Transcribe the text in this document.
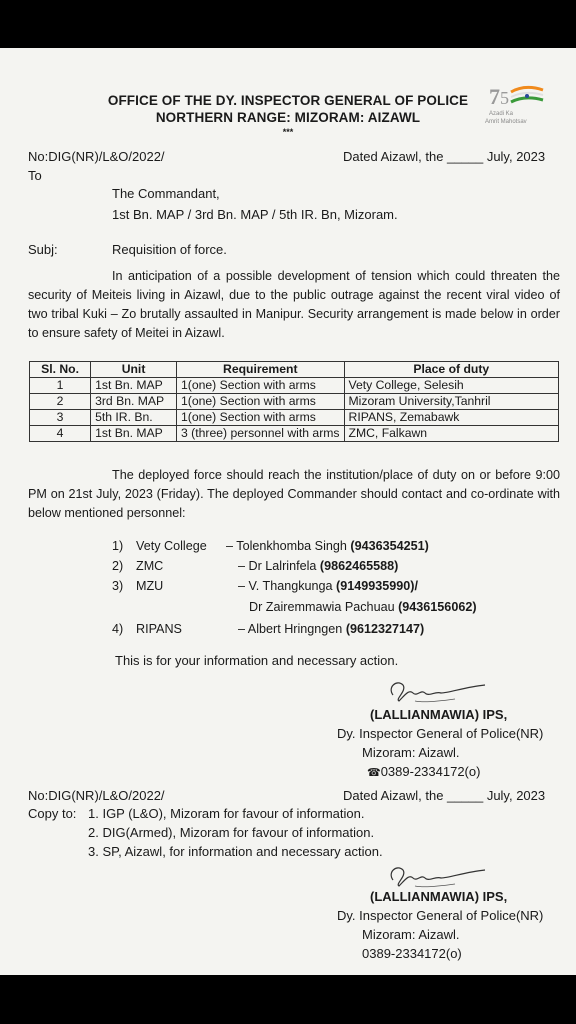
OFFICE OF THE DY. INSPECTOR GENERAL OF POLICE
NORTHERN RANGE: MIZORAM: AIZAWL
***
7 5
Azadi Ka
Amrit Mahotsav
No:DIG(NR)/L&O/2022/	Dated Aizawl, the _____ July, 2023
To
The Commandant,
1st Bn. MAP / 3rd Bn. MAP / 5th IR. Bn, Mizoram.
Subj:	Requisition of force.
In anticipation of a possible development of tension which could threaten the security of Meiteis living in Aizawl, due to the public outrage against the recent viral video of two tribal Kuki – Zo brutally assaulted in Manipur. Security arrangement is made below in order to ensure safety of Meitei in Aizawl.
Sl. No.	Unit	Requirement	Place of duty
1	1st Bn. MAP	1(one) Section with arms	Vety College, Selesih
2	3rd Bn. MAP	1(one) Section with arms	Mizoram University,Tanhril
3	5th IR. Bn.	1(one) Section with arms	RIPANS, Zemabawk
4	1st Bn. MAP	3 (three) personnel with arms	ZMC, Falkawn
The deployed force should reach the institution/place of duty on or before 9:00 PM on 21st July, 2023 (Friday). The deployed Commander should contact and co-ordinate with below mentioned personnel:
1) Vety College – Tolenkhomba Singh (9436354251)
2) ZMC	– Dr Lalrinfela (9862465588)
3) MZU	– V. Thangkunga (9149935990)/
Dr Zairemmawia Pachuau (9436156062)
4) RIPANS	– Albert Hringngen (9612327147)
This is for your information and necessary action.
(LALLIANMAWIA) IPS,
Dy. Inspector General of Police(NR)
Mizoram: Aizawl.
☎0389-2334172(o)
No:DIG(NR)/L&O/2022/	Dated Aizawl, the _____ July, 2023
Copy to: 1. IGP (L&O), Mizoram for favour of information.
2. DIG(Armed), Mizoram for favour of information.
3. SP, Aizawl, for information and necessary action.
(LALLIANMAWIA) IPS,
Dy. Inspector General of Police(NR)
Mizoram: Aizawl.
0389-2334172(o)
